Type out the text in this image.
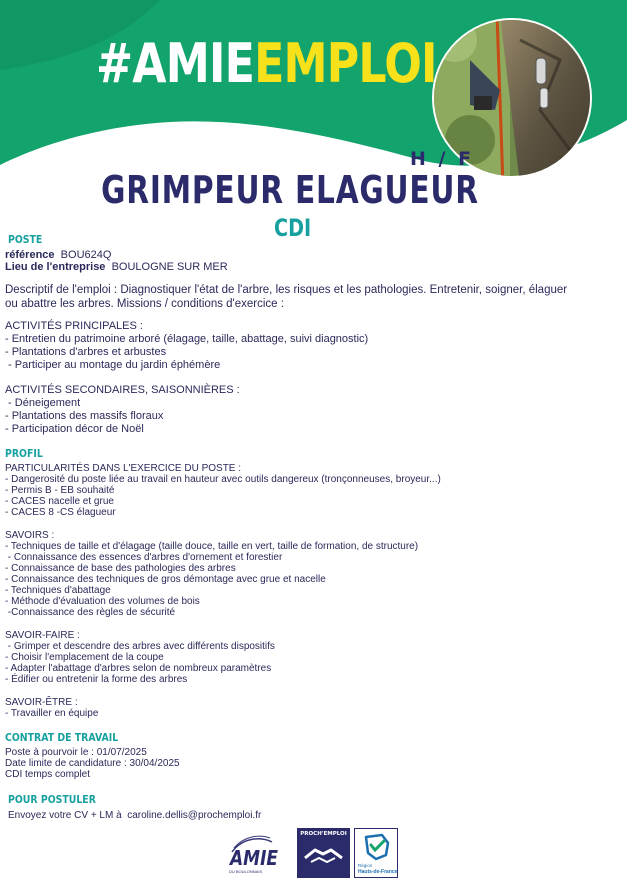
#AMIEEMPLOI
H / F
GRIMPEUR ELAGUEUR
CDI
POSTE
référence BOU624Q
Lieu de l'entreprise BOULOGNE SUR MER
Descriptif de l'emploi : Diagnostiquer l'état de l'arbre, les risques et les pathologies. Entretenir, soigner, élaguer
ou abattre les arbres. Missions / conditions d'exercice :
ACTIVITÉS PRINCIPALES :
- Entretien du patrimoine arboré (élagage, taille, abattage, suivi diagnostic)
- Plantations d'arbres et arbustes
- Participer au montage du jardin éphémère
ACTIVITÉS SECONDAIRES, SAISONNIÈRES :
- Déneigement
- Plantations des massifs floraux
- Participation décor de Noël
PROFIL
PARTICULARITÉS DANS L'EXERCICE DU POSTE :
- Dangerosité du poste liée au travail en hauteur avec outils dangereux (tronçonneuses, broyeur...)
- Permis B - EB souhaité
- CACES nacelle et grue
- CACES 8 -CS élagueur
SAVOIRS :
- Techniques de taille et d'élagage (taille douce, taille en vert, taille de formation, de structure)
- Connaissance des essences d'arbres d'ornement et forestier
- Connaissance de base des pathologies des arbres
- Connaissance des techniques de gros démontage avec grue et nacelle
- Techniques d'abattage
- Méthode d'évaluation des volumes de bois
-Connaissance des règles de sécurité
SAVOIR-FAIRE :
- Grimper et descendre des arbres avec différents dispositifs
- Choisir l'emplacement de la coupe
- Adapter l'abattage d'arbres selon de nombreux paramètres
- Édifier ou entretenir la forme des arbres
SAVOIR-ÊTRE :
- Travailler en équipe
CONTRAT DE TRAVAIL
Poste à pourvoir le : 01/07/2025
Date limite de candidature : 30/04/2025
CDI temps complet
POUR POSTULER
Envoyez votre CV + LM à  caroline.dellis@prochemploi.fr
AMIE
DU BOULONNAIS
PROCH'EMPLOI
Région
Hauts-de-France
